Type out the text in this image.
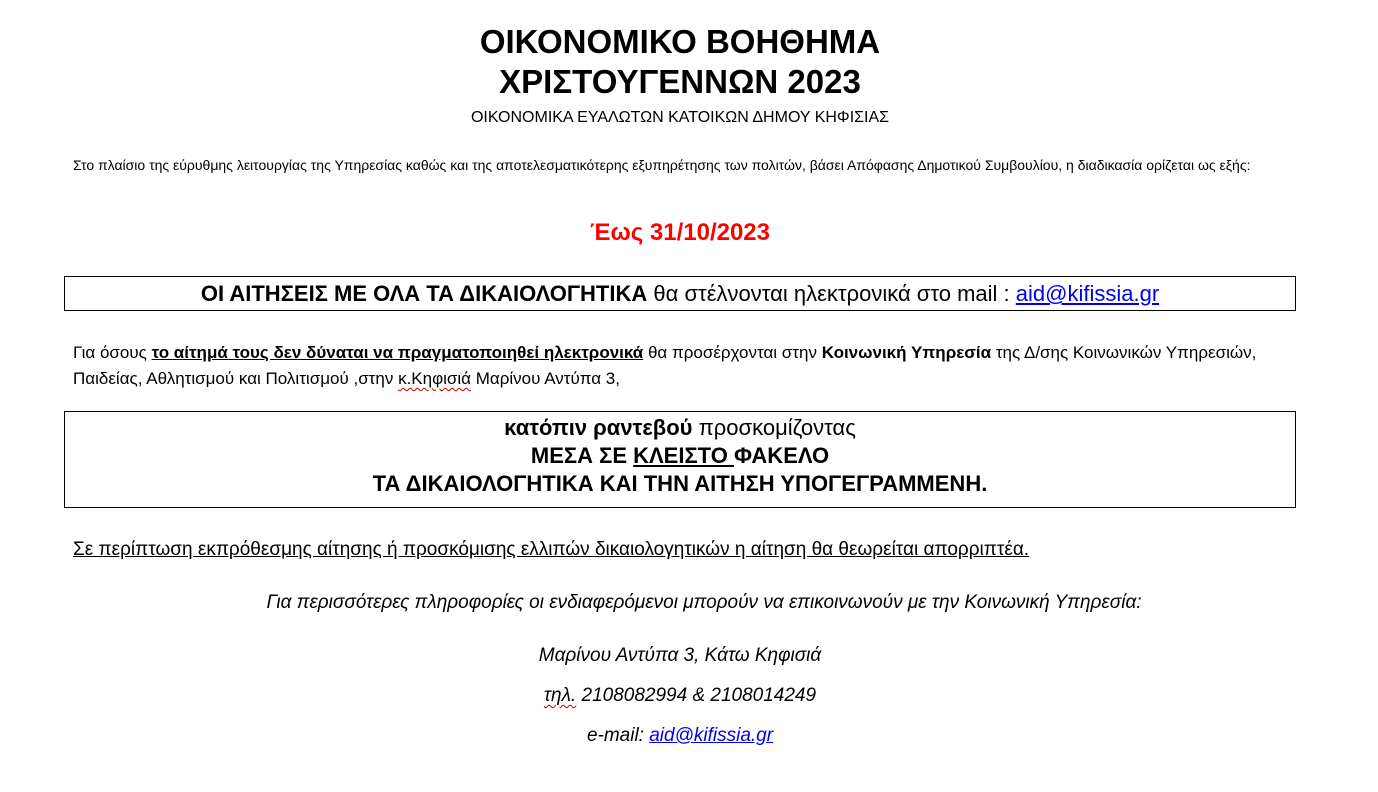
ΟΙΚΟΝΟΜΙΚΟ ΒΟΗΘΗΜΑ
ΧΡΙΣΤΟΥΓΕΝΝΩΝ 2023
ΟΙΚΟΝΟΜΙΚΑ ΕΥΑΛΩΤΩΝ ΚΑΤΟΙΚΩΝ ΔΗΜΟΥ ΚΗΦΙΣΙΑΣ
Στο πλαίσιο της εύρυθμης λειτουργίας της Υπηρεσίας καθώς και της αποτελεσματικότερης εξυπηρέτησης των πολιτών, βάσει Απόφασης Δημοτικού Συμβουλίου, η διαδικασία ορίζεται ως εξής:
Έως 31/10/2023
ΟΙ ΑΙΤΗΣΕΙΣ ΜΕ ΟΛΑ ΤΑ ΔΙΚΑΙΟΛΟΓΗΤΙΚΑ θα στέλνονται ηλεκτρονικά στο mail : aid@kifissia.gr
Για όσους το αίτημά τους δεν δύναται να πραγματοποιηθεί ηλεκτρονικά θα προσέρχονται στην Κοινωνική Υπηρεσία της Δ/σης Κοινωνικών Υπηρεσιών, Παιδείας, Αθλητισμού και Πολιτισμού ,στην κ.Κηφισιά Μαρίνου Αντύπα 3,
κατόπιν ραντεβού προσκομίζοντας
ΜΕΣΑ ΣΕ ΚΛΕΙΣΤΟ ΦΑΚΕΛΟ
ΤΑ ΔΙΚΑΙΟΛΟΓΗΤΙΚΑ ΚΑΙ ΤΗΝ ΑΙΤΗΣΗ ΥΠΟΓΕΓΡΑΜΜΕΝΗ.
Σε περίπτωση εκπρόθεσμης αίτησης ή προσκόμισης ελλιπών δικαιολογητικών η αίτηση θα θεωρείται απορριπτέα.
Για περισσότερες πληροφορίες οι ενδιαφερόμενοι μπορούν να επικοινωνούν με την Κοινωνική Υπηρεσία:
Μαρίνου Αντύπα 3, Κάτω Κηφισιά
τηλ. 2108082994 & 2108014249
e-mail: aid@kifissia.gr
